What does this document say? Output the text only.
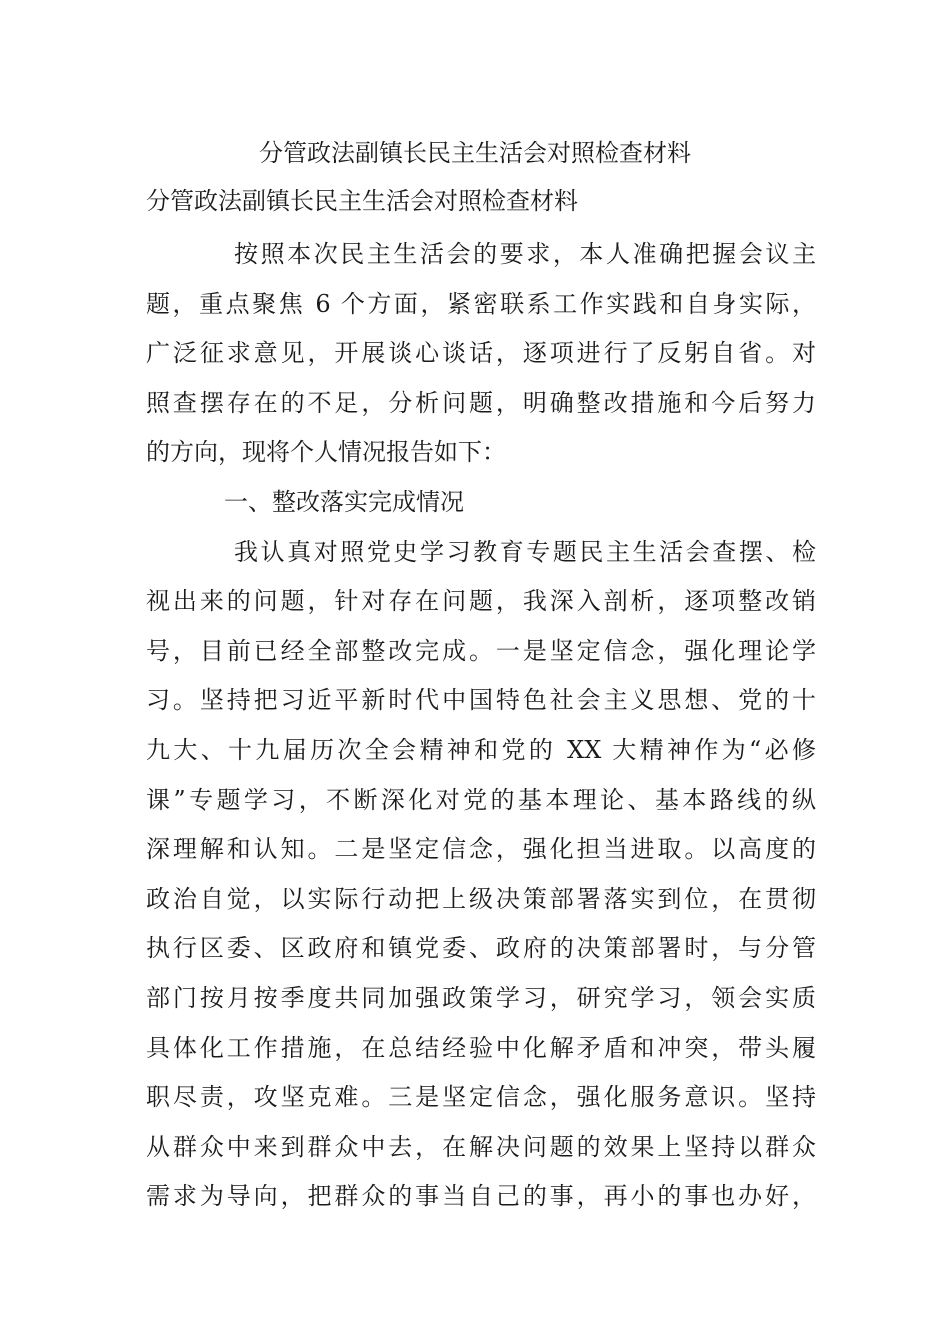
分管政法副镇长民主生活会对照检查材料
分管政法副镇长民主生活会对照检查材料
按照本次民主生活会的要求，本人准确把握会议主
题，重点聚焦 6 个方面，紧密联系工作实践和自身实际，
广泛征求意见，开展谈心谈话，逐项进行了反躬自省。对
照查摆存在的不足，分析问题，明确整改措施和今后努力
的方向，现将个人情况报告如下：
一、整改落实完成情况
我认真对照党史学习教育专题民主生活会查摆、检
视出来的问题，针对存在问题，我深入剖析，逐项整改销
号，目前已经全部整改完成。一是坚定信念，强化理论学
习。坚持把习近平新时代中国特色社会主义思想、党的十
九大、十九届历次全会精神和党的 XX 大精神作为“必修
课”专题学习，不断深化对党的基本理论、基本路线的纵
深理解和认知。二是坚定信念，强化担当进取。以高度的
政治自觉，以实际行动把上级决策部署落实到位，在贯彻
执行区委、区政府和镇党委、政府的决策部署时，与分管
部门按月按季度共同加强政策学习，研究学习，领会实质
具体化工作措施，在总结经验中化解矛盾和冲突，带头履
职尽责，攻坚克难。三是坚定信念，强化服务意识。坚持
从群众中来到群众中去，在解决问题的效果上坚持以群众
需求为导向，把群众的事当自己的事，再小的事也办好，
